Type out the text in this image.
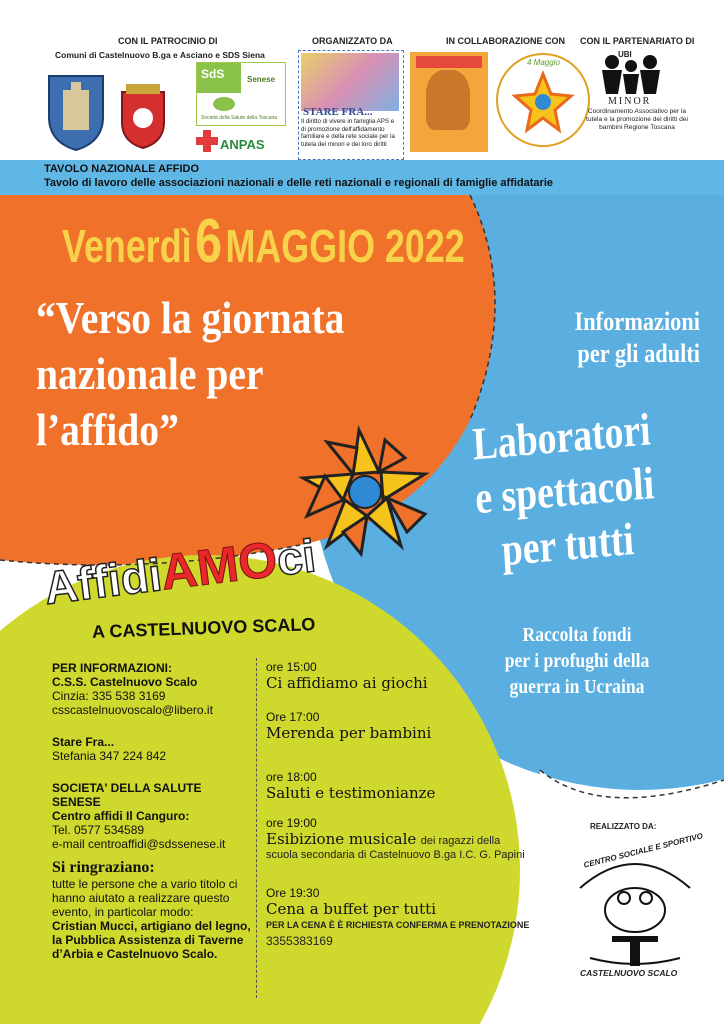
CON IL PATROCINIO DI
Comuni di Castelnuovo B.ga e Asciano e SDS Siena
SdS	Senese
Società della Salute della Toscana
ANPAS
ORGANIZZATO DA
STARE FRA...
Il diritto di vivere in famiglia APS e di promozione dell'affidamento familiare e della rete sociale per la tutela dei minori e dei loro diritti
IN COLLABORAZIONE CON
4 Maggio
CON IL PARTENARIATO DI
UBI
MINOR
Coordinamento Associativo per la tutela e la promozione dei diritti dei bambini Regione Toscana
TAVOLO NAZIONALE AFFIDO
Tavolo di lavoro delle associazioni nazionali e delle reti nazionali e regionali di famiglie affidatarie
Venerdì 6 MAGGIO 2022
“Verso la giornata
nazionale per
l’affido”
Informazioni
per gli adulti
Laboratori
e spettacoli
per tutti
Raccolta fondi
per i profughi della
guerra in Ucraina
AffidiAMOci
A CASTELNUOVO SCALO
PER INFORMAZIONI:
C.S.S. Castelnuovo Scalo
Cinzia: 335 538 3169
csscastelnuovoscalo@libero.it
Stare Fra...
Stefania 347 224 842
SOCIETA' DELLA SALUTE SENESE
Centro affidi Il Canguro:
Tel. 0577 534589
e-mail centroaffidi@sdssenese.it
Si ringraziano:
tutte le persone che a vario titolo ci
hanno aiutato a realizzare questo
evento, in particolar modo:
Cristian Mucci, artigiano del legno,
la Pubblica Assistenza di Taverne
d’Arbia e Castelnuovo Scalo.
ore 15:00
Ci affidiamo ai giochi
Ore 17:00
Merenda per bambini
ore 18:00
Saluti e testimonianze
ore 19:00
Esibizione musicale dei ragazzi della
scuola secondaria di Castelnuovo B.ga I.C. G. Papini
Ore 19:30
Cena a buffet per tutti
PER LA CENA È È RICHIESTA CONFERMA E PRENOTAZIONE
3355383169
REALIZZATO DA:
CENTRO SOCIALE E SPORTIVO
CASTELNUOVO SCALO
